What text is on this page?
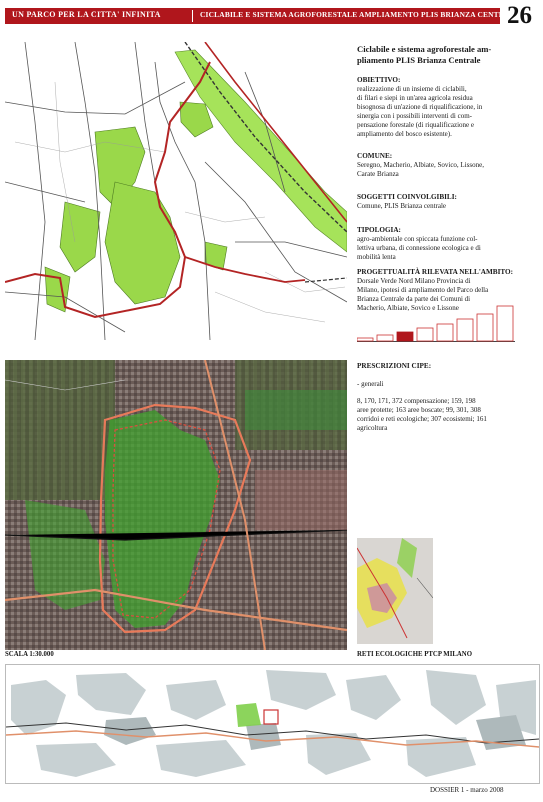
UN PARCO PER LA CITTA' INFINITA	CICLABILE E SISTEMA AGROFORESTALE AMPLIAMENTO PLIS BRIANZA CENTRALE
26
Ciclabile e sistema agroforestale am-
pliamento PLIS Brianza Centrale
OBIETTIVO:
realizzazione di un insieme di ciclabili,
di filari e siepi in un'area agricola residua
bisognosa di un'azione di riqualificazione, in
sinergia con i possibili interventi di com-
pensazione forestale (di riqualificazione e
ampliamento del bosco esistente).
COMUNE:
Seregno, Macherio, Albiate, Sovico, Lissone,
Carate Brianza
SOGGETTI COINVOLGIBILI:
Comune, PLIS Brianza centrale
TIPOLOGIA:
agro-ambientale con spiccata funzione col-
lettiva urbana, di connessione ecologica e di
mobilità lenta
PROGETTUALITÀ RILEVATA NELL'AMBITO:
Dorsale Verde Nord Milano Provincia di
Milano, ipotesi di ampliamento del Parco della
Brianza Centrale da parte dei Comuni di
Macherio, Albiate, Sovico e Lissone
SCALA 1:30.000
PRESCRIZIONI CIPE:
- generali
8, 170, 171, 372 compensazione; 159, 198
aree protette; 163 aree boscate; 99, 301, 308
corridoi e reti ecologiche; 307 ecosistemi; 161
agricoltura
RETI ECOLOGICHE PTCP MILANO
DOSSIER 1 - marzo 2008
